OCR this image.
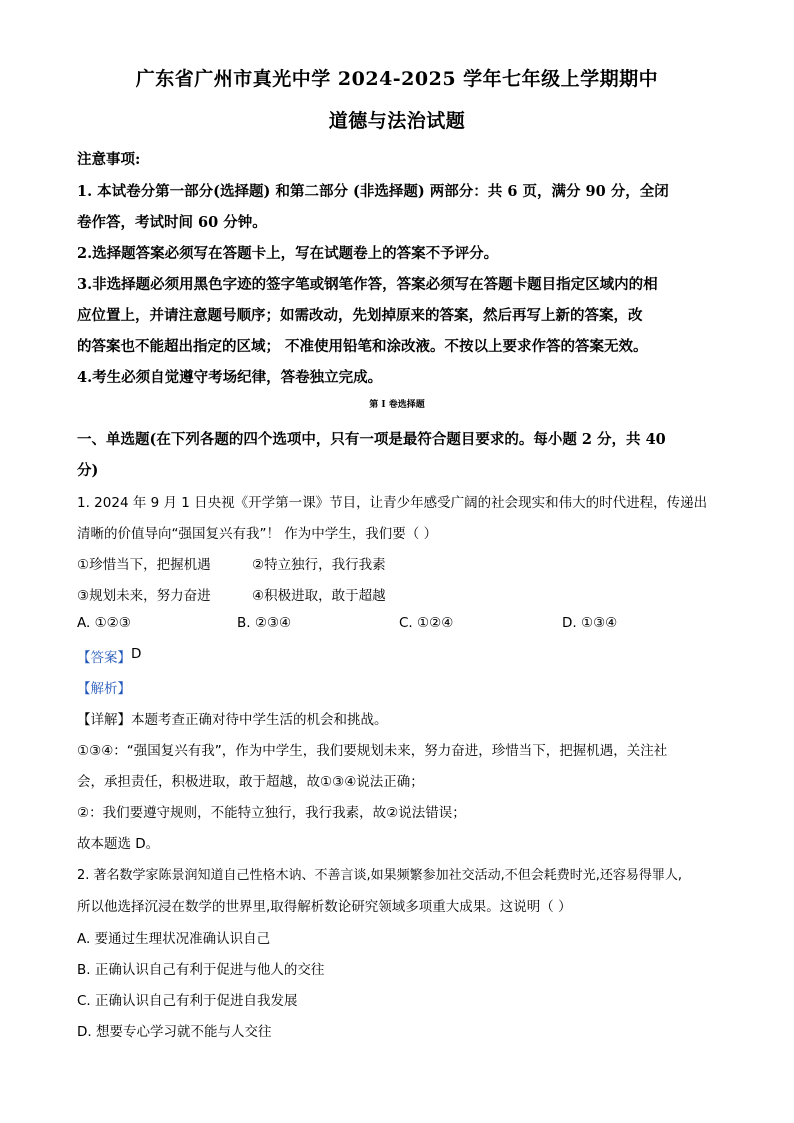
广东省广州市真光中学 2024-2025 学年七年级上学期期中
道德与法治试题
注意事项:
1. 本试卷分第一部分(选择题) 和第二部分 (非选择题) 两部分：共 6 页，满分 90 分，全闭
卷作答，考试时间 60 分钟。
2.选择题答案必须写在答题卡上，写在试题卷上的答案不予评分。
3.非选择题必须用黑色字迹的签字笔或钢笔作答，答案必须写在答题卡题目指定区域内的相
应位置上，并请注意题号顺序；如需改动，先划掉原来的答案，然后再写上新的答案，改
的答案也不能超出指定的区域； 不准使用铅笔和涂改液。不按以上要求作答的答案无效。
4.考生必须自觉遵守考场纪律，答卷独立完成。
第 I 卷选择题
一、单选题(在下列各题的四个选项中，只有一项是最符合题目要求的。每小题 2 分，共 40
分)
1. 2024 年 9 月 1 日央视《开学第一课》节目，让青少年感受广阔的社会现实和伟大的时代进程，传递出
清晰的价值导向“强国复兴有我”！ 作为中学生，我们要（ ）
①珍惜当下，把握机遇	②特立独行，我行我素
③规划未来，努力奋进	④积极进取，敢于超越
A. ①②③	B. ②③④	C. ①②④	D. ①③④
【答案】 D
【解析】
【详解】 本题考查正确对待中学生活的机会和挑战。
①③④：“强国复兴有我”，作为中学生，我们要规划未来，努力奋进，珍惜当下，把握机遇，关注社
会，承担责任，积极进取，敢于超越，故①③④说法正确；
②：我们要遵守规则，不能特立独行，我行我素，故②说法错误；
故本题选 D。
2. 著名数学家陈景润知道自己性格木讷、不善言谈,如果频繁参加社交活动,不但会耗费时光,还容易得罪人,
所以他选择沉浸在数学的世界里,取得解析数论研究领域多项重大成果。这说明（ ）
A. 要通过生理状况准确认识自己
B. 正确认识自己有利于促进与他人的交往
C. 正确认识自己有利于促进自我发展
D. 想要专心学习就不能与人交往
